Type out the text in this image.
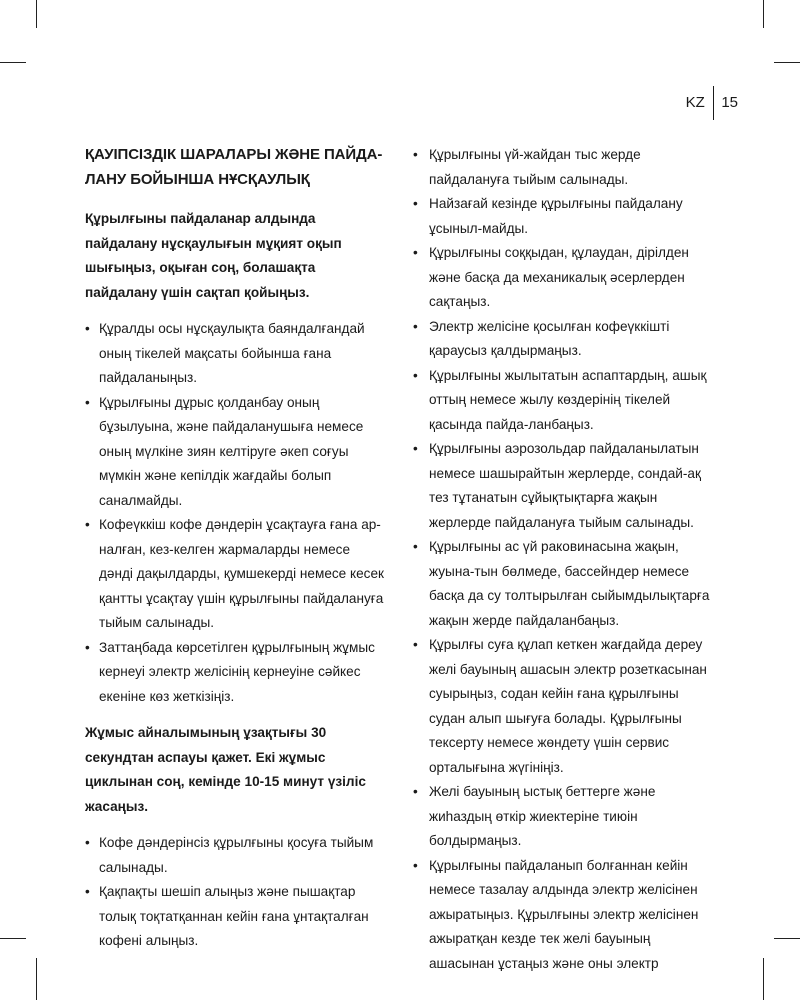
KZ	15
ҚАУІПСІЗДІК ШАРАЛАРЫ ЖӘНЕ ПАЙДА-ЛАНУ БОЙЫНША НҰСҚАУЛЫҚ

Құрылғыны пайдаланар алдында пайдалану нұсқаулығын мұқият оқып шығыңыз, оқыған соң, болашақта пайдалану үшін сақтап қойыңыз.

• Құралды осы нұсқаулықта баяндалғандай оның тікелей мақсаты бойынша ғана пайдаланыңыз.
• Құрылғыны дұрыс қолданбау оның бұзылуына, және пайдаланушыға немесе оның мүлкіне зиян келтіруге әкеп соғуы мүмкін және кепілдік жағдайы болып саналмайды.
• Кофеүккіш кофе дәндерін ұсақтауға ғана ар-налған, кез-келген жармаларды немесе дәнді дақылдарды, қумшекерді немесе кесек қантты ұсақтау үшін құрылғыны пайдалануға тыйым салынады.
• Заттаңбада көрсетілген құрылғының жұмыс кернеуі электр желісінің кернеуіне сәйкес екеніне көз жеткізіңіз.

Жұмыс айналымының ұзақтығы 30 секундтан аспауы қажет. Екі жұмыс циклынан соң, кемінде 10-15 минут үзіліс жасаңыз.

• Кофе дәндерінсіз құрылғыны қосуға тыйым салынады.
• Қақпақты шешіп алыңыз және пышақтар толық тоқтатқаннан кейін ғана ұнтақталған кофені алыңыз.
• Құрылғыны үй-жайдан тыс жерде пайдалануға тыйым салынады.
• Найзағай кезінде құрылғыны пайдалану ұсыныл-майды.
• Құрылғыны соққыдан, құлаудан, дірілден және басқа да механикалық әсерлерден сақтаңыз.
• Электр желісіне қосылған кофеүккішті қараусыз қалдырмаңыз.
• Құрылғыны жылытатын аспаптардың, ашық оттың немесе жылу көздерінің тікелей қасында пайда-ланбаңыз.
• Құрылғыны аэрозольдар пайдаланылатын немесе шашырайтын жерлерде, сондай-ақ тез тұтанатын сұйықтықтарға жақын жерлерде пайдалануға тыйым салынады.
• Құрылғыны ас үй раковинасына жақын, жуына-тын бөлмеде, бассейндер немесе басқа да су толтырылған сыйымдылықтарға жақын жерде пайдаланбаңыз.
• Құрылғы суға құлап кеткен жағдайда дереу желі бауының ашасын электр розеткасынан суырыңыз, содан кейін ғана құрылғыны судан алып шығуға болады. Құрылғыны тексерту немесе жөндету үшін сервис орталығына жүгініңіз.
• Желі бауының ыстық беттерге және жиһаздың өткір жиектеріне тиюін болдырмаңыз.
• Құрылғыны пайдаланып болғаннан кейін немесе тазалау алдында электр желісінен ажыратыңыз. Құрылғыны электр желісінен ажыратқан кезде тек желі бауының ашасынан ұстаңыз және оны электр
